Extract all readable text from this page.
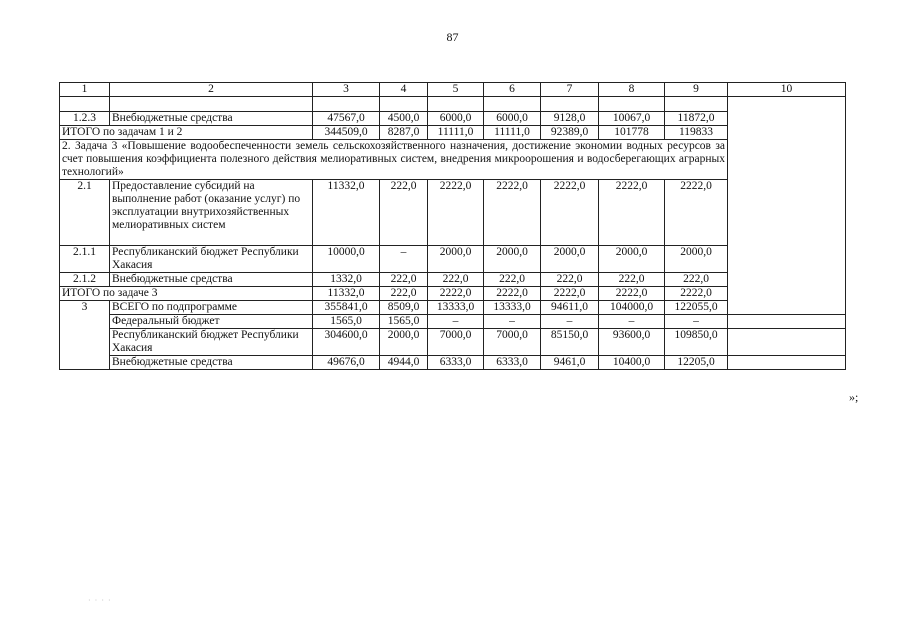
87
1	2	3	4	5	6	7	8	9	10	

1.2.3	Внебюджетные средства	47567,0	4500,0	6000,0	6000,0	9128,0	10067,0	11872,0		
ИТОГО по задачам 1 и 2		344509,0	8287,0	11111,0	11111,0	92389,0	101778	119833		
2. Задача 3 «Повышение водообеспеченности земель сельскохозяйственного назначения, достижение экономии водных ресурсов за счет повышения коэффициента полезного действия мелиоративных систем, внедрения микроорошения и водосберегающих аграрных технологий»										
2.1	Предоставление субсидий на выполнение работ (оказание услуг) по эксплуатации внутрихозяйственных мелиоративных систем	11332,0	222,0	2222,0	2222,0	2222,0	2222,0	2222,0		
2.1.1	Республиканский бюджет Республики Хакасия	10000,0	–	2000,0	2000,0	2000,0	2000,0	2000,0		
2.1.2	Внебюджетные средства	1332,0	222,0	222,0	222,0	222,0	222,0	222,0		
ИТОГО по задаче 3		11332,0	222,0	2222,0	2222,0	2222,0	2222,0	2222,0		
3	ВСЕГО по подпрограмме	355841,0	8509,0	13333,0	13333,0	94611,0	104000,0	122055,0		
	Федеральный бюджет	1565,0	1565,0	–	–	–	–	–		
	Республиканский бюджет Республики Хакасия	304600,0	2000,0	7000,0	7000,0	85150,0	93600,0	109850,0		
	Внебюджетные средства	49676,0	4944,0	6333,0	6333,0	9461,0	10400,0	12205,0		
»;
· · · ·
